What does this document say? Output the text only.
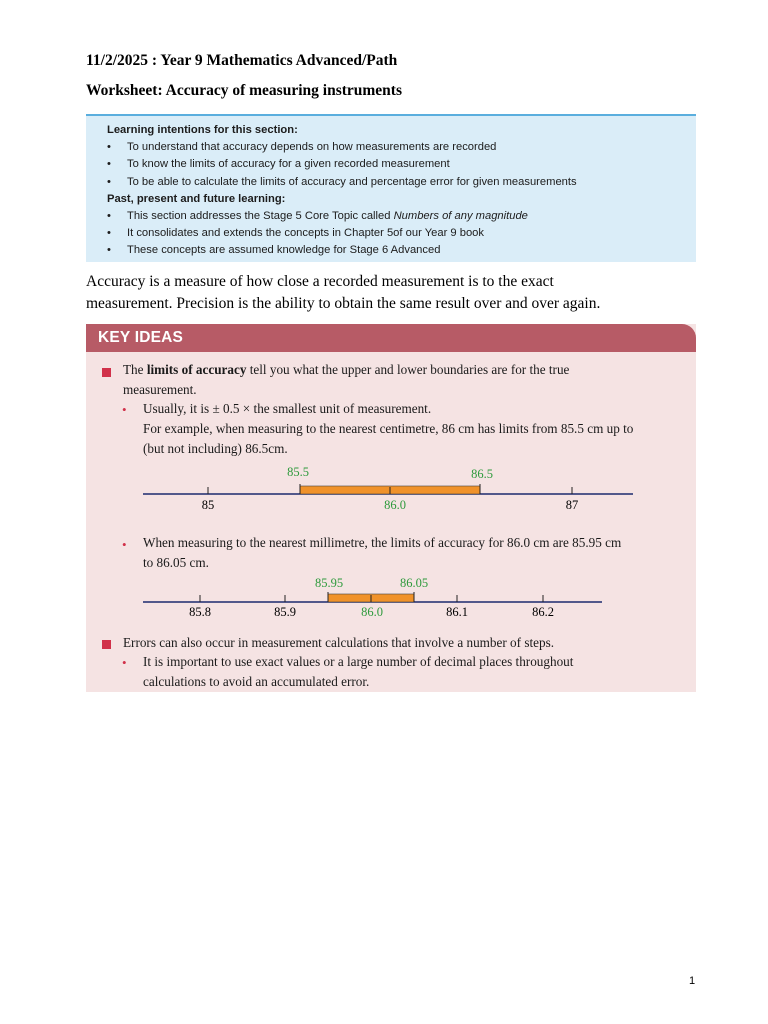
11/2/2025 : Year 9 Mathematics Advanced/Path
Worksheet: Accuracy of measuring instruments
Learning intentions for this section:
• To understand that accuracy depends on how measurements are recorded
• To know the limits of accuracy for a given recorded measurement
• To be able to calculate the limits of accuracy and percentage error for given measurements
Past, present and future learning:
• This section addresses the Stage 5 Core Topic called Numbers of any magnitude
• It consolidates and extends the concepts in Chapter 5of our Year 9 book
• These concepts are assumed knowledge for Stage 6 Advanced
Accuracy is a measure of how close a recorded measurement is to the exact
measurement. Precision is the ability to obtain the same result over and over again.
KEY IDEAS
The limits of accuracy tell you what the upper and lower boundaries are for the true
measurement.
• Usually, it is ± 0.5 × the smallest unit of measurement.
For example, when measuring to the nearest centimetre, 86 cm has limits from 85.5 cm up to
(but not including) 86.5cm.
85.5	86.5
85	86.0	87
• When measuring to the nearest millimetre, the limits of accuracy for 86.0 cm are 85.95 cm
to 86.05 cm.
85.95	86.05
85.8	85.9	86.0	86.1	86.2
Errors can also occur in measurement calculations that involve a number of steps.
• It is important to use exact values or a large number of decimal places throughout
calculations to avoid an accumulated error.
1
